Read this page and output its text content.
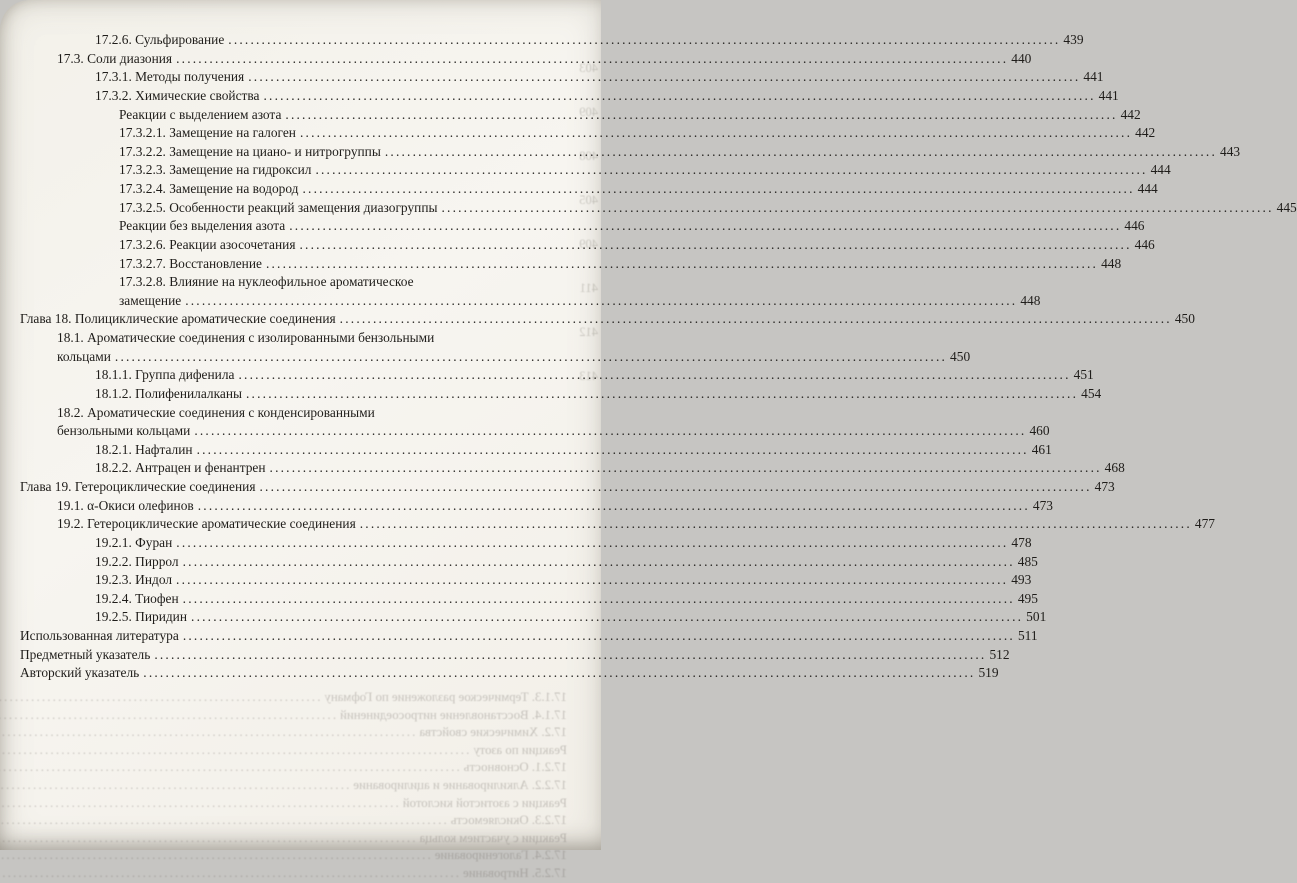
403
409
408
405
409
411
412
413
17.2.6. Сульфирование .....	439
17.3. Соли диазония .....	440
17.3.1. Методы получения .....	441
17.3.2. Химические свойства .....	441
Реакции с выделением азота .....	442
17.3.2.1. Замещение на галоген .....	442
17.3.2.2. Замещение на циано- и нитрогруппы .....	443
17.3.2.3. Замещение на гидроксил .....	444
17.3.2.4. Замещение на водород .....	444
17.3.2.5. Особенности реакций замещения диазогруппы .....	445
Реакции без выделения азота .....	446
17.3.2.6. Реакции азосочетания .....	446
17.3.2.7. Восстановление .....	448
17.3.2.8. Влияние на нуклеофильное ароматическое
замещение .....	448
Глава 18. Полициклические ароматические соединения .....	450
18.1. Ароматические соединения с изолированными бензольными
кольцами .....	450
18.1.1. Группа дифенила .....	451
18.1.2. Полифенилалканы .....	454
18.2. Ароматические соединения с конденсированными
бензольными кольцами .....	460
18.2.1. Нафталин .....	461
18.2.2. Антрацен и фенантрен .....	468
Глава 19. Гетероциклические соединения .....	473
19.1. α-Окиси олефинов .....	473
19.2. Гетероциклические ароматические соединения .....	477
19.2.1. Фуран .....	478
19.2.2. Пиррол .....	485
19.2.3. Индол .....	493
19.2.4. Тиофен .....	495
19.2.5. Пиридин .....	501
Использованная литература .....	511
Предметный указатель .....	512
Авторский указатель .....	519
17.1.3. Термическое разложение по Гофману
.....
17.1.4. Восстановление нитросоединений
.....
17.2. Химические свойства
.....
Реакции по азоту
.....
17.2.1. Основность
.....
17.2.2. Алкилирование и ацилирование
.....
Реакции с азотистой кислотой
.....
17.2.3. Окисляемость
.....
Реакции с участием кольца
.....
17.2.4. Галогенирование
.....
17.2.5. Нитрование
.....
